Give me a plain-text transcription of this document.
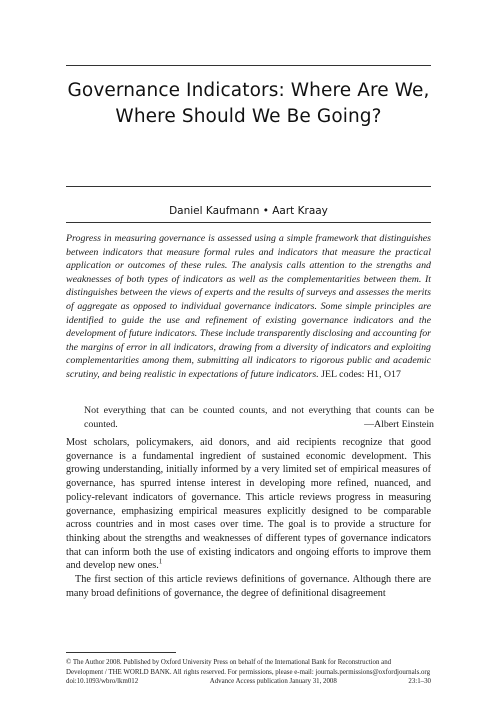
Governance Indicators: Where Are We,
Where Should We Be Going?
Daniel Kaufmann • Aart Kraay

Progress in measuring governance is assessed using a simple framework that distinguishes between indicators that measure formal rules and indicators that measure the practical application or outcomes of these rules. The analysis calls attention to the strengths and weaknesses of both types of indicators as well as the complementarities between them. It distinguishes between the views of experts and the results of surveys and assesses the merits of aggregate as opposed to individual governance indicators. Some simple principles are identified to guide the use and refinement of existing governance indicators and the development of future indicators. These include transparently disclosing and accounting for the margins of error in all indicators, drawing from a diversity of indicators and exploiting complementarities among them, submitting all indicators to rigorous public and academic scrutiny, and being realistic in expectations of future indicators. JEL codes: H1, O17

Not everything that can be counted counts, and not everything that counts can be counted.	—Albert Einstein

Most scholars, policymakers, aid donors, and aid recipients recognize that good governance is a fundamental ingredient of sustained economic development. This growing understanding, initially informed by a very limited set of empirical measures of governance, has spurred intense interest in developing more refined, nuanced, and policy-relevant indicators of governance. This article reviews progress in measuring governance, emphasizing empirical measures explicitly designed to be comparable across countries and in most cases over time. The goal is to provide a structure for thinking about the strengths and weaknesses of different types of governance indicators that can inform both the use of existing indicators and ongoing efforts to improve them and develop new ones.$^1$

The first section of this article reviews definitions of governance. Although there are many broad definitions of governance, the degree of definitional disagreement

© The Author 2008. Published by Oxford University Press on behalf of the International Bank for Reconstruction and
Development / THE WORLD BANK. All rights reserved. For permissions, please e-mail: journals.permissions@oxfordjournals.org
doi:10.1093/wbro/lkm012	Advance Access publication January 31, 2008	23:1–30
